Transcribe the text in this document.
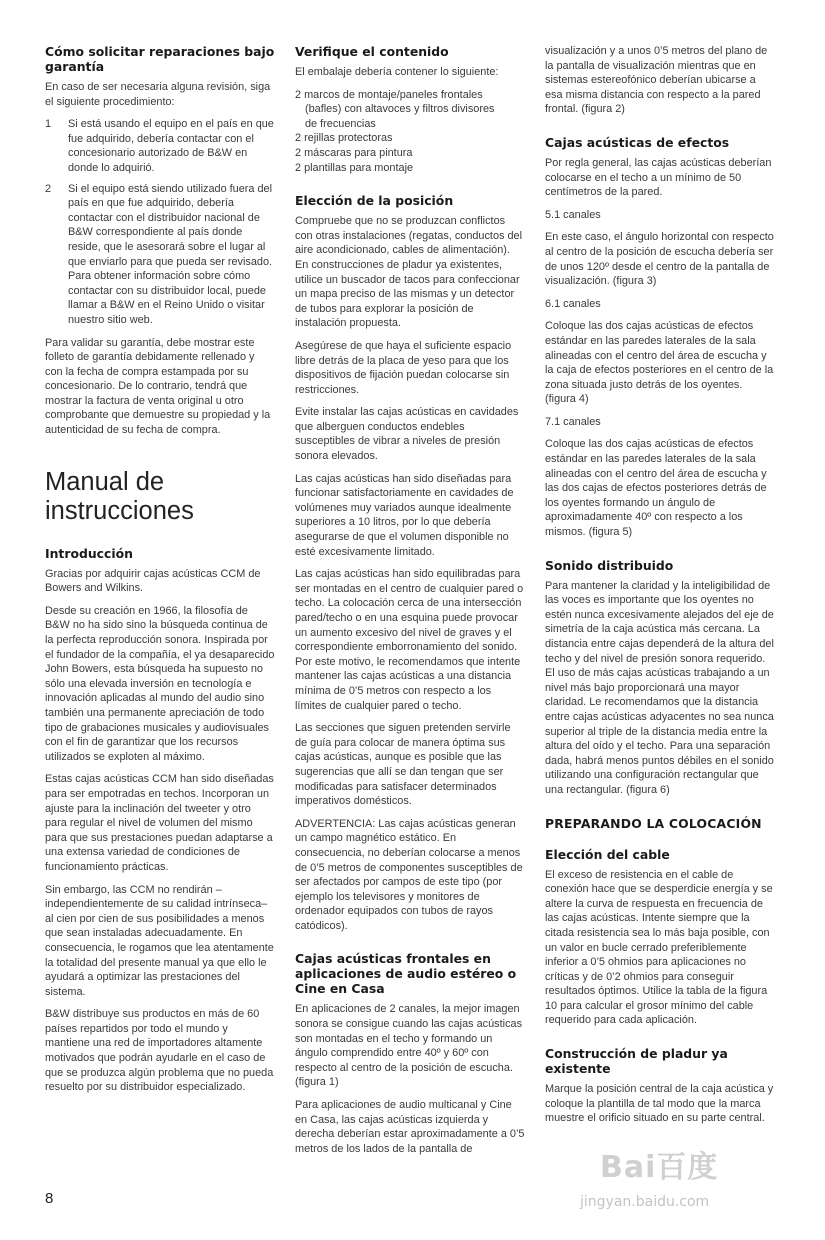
Cómo solicitar reparaciones bajo garantía

En caso de ser necesaria alguna revisión, siga el siguiente procedimiento:

1 Si está usando el equipo en el país en que fue adquirido, debería contactar con el concesionario autorizado de B&W en donde lo adquirió.
2 Si el equipo está siendo utilizado fuera del país en que fue adquirido, debería contactar con el distribuidor nacional de B&W correspondiente al país donde reside, que le asesorará sobre el lugar al que enviarlo para que pueda ser revisado. Para obtener información sobre cómo contactar con su distribuidor local, puede llamar a B&W en el Reino Unido o visitar nuestro sitio web.

Para validar su garantía, debe mostrar este folleto de garantía debidamente rellenado y con la fecha de compra estampada por su concesionario. De lo contrario, tendrá que mostrar la factura de venta original u otro comprobante que demuestre su propiedad y la autenticidad de su fecha de compra.

Manual de
instrucciones
Introducción

Gracias por adquirir cajas acústicas CCM de Bowers and Wilkins.

Desde su creación en 1966, la filosofía de B&W no ha sido sino la búsqueda continua de la perfecta reproducción sonora. Inspirada por el fundador de la compañía, el ya desaparecido John Bowers, esta búsqueda ha supuesto no sólo una elevada inversión en tecnología e innovación aplicadas al mundo del audio sino también una permanente apreciación de todo tipo de grabaciones musicales y audiovisuales con el fin de garantizar que los recursos utilizados se exploten al máximo.

Estas cajas acústicas CCM han sido diseñadas para ser empotradas en techos. Incorporan un ajuste para la inclinación del tweeter y otro para regular el nivel de volumen del mismo para que sus prestaciones puedan adaptarse a una extensa variedad de condiciones de funcionamiento prácticas.

Sin embargo, las CCM no rendirán –independientemente de su calidad intrínseca– al cien por cien de sus posibilidades a menos que sean instaladas adecuadamente. En consecuencia, le rogamos que lea atentamente la totalidad del presente manual ya que ello le ayudará a optimizar las prestaciones del sistema.

B&W distribuye sus productos en más de 60 países repartidos por todo el mundo y mantiene una red de importadores altamente motivados que podrán ayudarle en el caso de que se produzca algún problema que no pueda resuelto por su distribuidor especializado.

Verifique el contenido

El embalaje debería contener lo siguiente:

2 marcos de montaje/paneles frontales
(bafles) con altavoces y filtros divisores
de frecuencias
2 rejillas protectoras
2 máscaras para pintura
2 plantillas para montaje
Elección de la posición

Compruebe que no se produzcan conflictos con otras instalaciones (regatas, conductos del aire acondicionado, cables de alimentación). En construcciones de pladur ya existentes, utilice un buscador de tacos para confeccionar un mapa preciso de las mismas y un detector de tubos para explorar la posición de instalación propuesta.

Asegúrese de que haya el suficiente espacio libre detrás de la placa de yeso para que los dispositivos de fijación puedan colocarse sin restricciones.

Evite instalar las cajas acústicas en cavidades que alberguen conductos endebles susceptibles de vibrar a niveles de presión sonora elevados.

Las cajas acústicas han sido diseñadas para funcionar satisfactoriamente en cavidades de volúmenes muy variados aunque idealmente superiores a 10 litros, por lo que debería asegurarse de que el volumen disponible no esté excesivamente limitado.

Las cajas acústicas han sido equilibradas para ser montadas en el centro de cualquier pared o techo. La colocación cerca de una intersección pared/techo o en una esquina puede provocar un aumento excesivo del nivel de graves y el correspondiente emborronamiento del sonido. Por este motivo, le recomendamos que intente mantener las cajas acústicas a una distancia mínima de 0’5 metros con respecto a los límites de cualquier pared o techo.

Las secciones que siguen pretenden servirle de guía para colocar de manera óptima sus cajas acústicas, aunque es posible que las sugerencias que allí se dan tengan que ser modificadas para satisfacer determinados imperativos domésticos.

ADVERTENCIA: Las cajas acústicas generan un campo magnético estático. En consecuencia, no deberían colocarse a menos de 0’5 metros de componentes susceptibles de ser afectados por campos de este tipo (por ejemplo los televisores y monitores de ordenador equipados con tubos de rayos catódicos).

Cajas acústicas frontales en aplicaciones de audio estéreo o Cine en Casa

En aplicaciones de 2 canales, la mejor imagen sonora se consigue cuando las cajas acústicas son montadas en el techo y formando un ángulo comprendido entre 40º y 60º con respecto al centro de la posición de escucha. (figura 1)

Para aplicaciones de audio multicanal y Cine en Casa, las cajas acústicas izquierda y derecha deberían estar aproximadamente a 0’5 metros de los lados de la pantalla de

visualización y a unos 0’5 metros del plano de la pantalla de visualización mientras que en sistemas estereofónico deberían ubicarse a esa misma distancia con respecto a la pared frontal. (figura 2)

Cajas acústicas de efectos

Por regla general, las cajas acústicas deberían colocarse en el techo a un mínimo de 50 centímetros de la pared.

5.1 canales

En este caso, el ángulo horizontal con respecto al centro de la posición de escucha debería ser de unos 120º desde el centro de la pantalla de visualización. (figura 3)

6.1 canales

Coloque las dos cajas acústicas de efectos estándar en las paredes laterales de la sala alineadas con el centro del área de escucha y la caja de efectos posteriores en el centro de la zona situada justo detrás de los oyentes. (figura 4)

7.1 canales

Coloque las dos cajas acústicas de efectos estándar en las paredes laterales de la sala alineadas con el centro del área de escucha y las dos cajas de efectos posteriores detrás de los oyentes formando un ángulo de aproximadamente 40º con respecto a los mismos. (figura 5)

Sonido distribuido

Para mantener la claridad y la inteligibilidad de las voces es importante que los oyentes no estén nunca excesivamente alejados del eje de simetría de la caja acústica más cercana. La distancia entre cajas dependerá de la altura del techo y del nivel de presión sonora requerido. El uso de más cajas acústicas trabajando a un nivel más bajo proporcionará una mayor claridad. Le recomendamos que la distancia entre cajas acústicas adyacentes no sea nunca superior al triple de la distancia media entre la altura del oído y el techo. Para una separación dada, habrá menos puntos débiles en el sonido utilizando una configuración rectangular que una rectangular. (figura 6)

PREPARANDO LA COLOCACIÓN
Elección del cable

El exceso de resistencia en el cable de conexión hace que se desperdicie energía y se altere la curva de respuesta en frecuencia de las cajas acústicas. Intente siempre que la citada resistencia sea lo más baja posible, con un valor en bucle cerrado preferiblemente inferior a 0’5 ohmios para aplicaciones no críticas y de 0’2 ohmios para conseguir resultados óptimos. Utilice la tabla de la figura 10 para calcular el grosor mínimo del cable requerido para cada aplicación.

Construcción de pladur ya existente

Marque la posición central de la caja acústica y coloque la plantilla de tal modo que la marca muestre el orificio situado en su parte central.

8
Bai百度
jingyan.baidu.com
